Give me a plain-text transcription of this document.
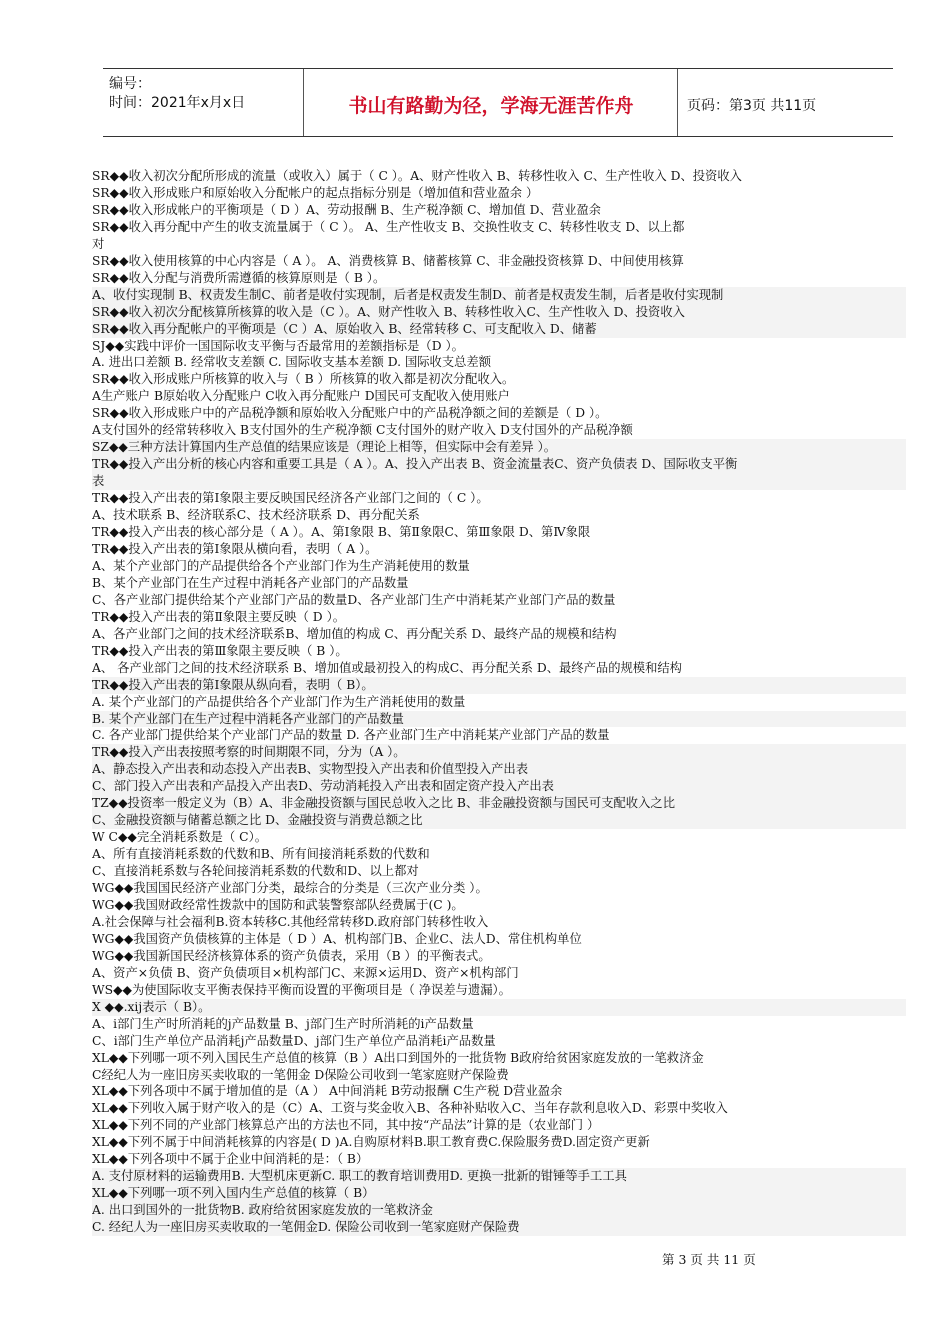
编号：
时间：2021年x月x日	书山有路勤为径，学海无涯苦作舟	页码：第3页 共11页
SR◆◆收入初次分配所形成的流量（或收入）属于（ C ）。A、财产性收入 B、转移性收入 C、生产性收入 D、投资收入
SR◆◆收入形成账户和原始收入分配帐户的起点指标分别是（增加值和营业盈余 ）
SR◆◆收入形成帐户的平衡项是（ D ）A、劳动报酬 B、生产税净额 C、增加值 D、营业盈余
SR◆◆收入再分配中产生的收支流量属于（ C ）。 A、生产性收支 B、交换性收支 C、转移性收支 D、以上都
对
SR◆◆收入使用核算的中心内容是（ A ）。 A、消费核算 B、储蓄核算 C、非金融投资核算 D、中间使用核算
SR◆◆收入分配与消费所需遵循的核算原则是（ B ）。
A、收付实现制 B、权责发生制C、前者是收付实现制，后者是权责发生制D、前者是权责发生制，后者是收付实现制
SR◆◆收入初次分配核算所核算的收入是（C ）。A、财产性收入 B、转移性收入C、生产性收入 D、投资收入
SR◆◆收入再分配帐户的平衡项是（C ）A、原始收入 B、经常转移 C、可支配收入 D、储蓄
SJ◆◆实践中评价一国国际收支平衡与否最常用的差额指标是（D ）。
A. 进出口差额 B. 经常收支差额 C. 国际收支基本差额 D. 国际收支总差额
SR◆◆收入形成账户所核算的收入与（ B ）所核算的收入都是初次分配收入。
A生产账户 B原始收入分配账户 C收入再分配账户 D国民可支配收入使用账户
SR◆◆收入形成账户中的产品税净额和原始收入分配账户中的产品税净额之间的差额是（ D ）。
A支付国外的经常转移收入 B支付国外的生产税净额 C支付国外的财产收入 D支付国外的产品税净额
SZ◆◆三种方法计算国内生产总值的结果应该是（理论上相等，但实际中会有差异 ）。
TR◆◆投入产出分析的核心内容和重要工具是（ A ）。A、投入产出表 B、资金流量表C、资产负债表 D、国际收支平衡
表
TR◆◆投入产出表的第Ⅰ象限主要反映国民经济各产业部门之间的（ C ）。
A、技术联系 B、经济联系C、技术经济联系 D、再分配关系
TR◆◆投入产出表的核心部分是（ A ）。A、第Ⅰ象限 B、第Ⅱ象限C、第Ⅲ象限 D、第Ⅳ象限
TR◆◆投入产出表的第Ⅰ象限从横向看，表明（ A ）。
A、某个产业部门的产品提供给各个产业部门作为生产消耗使用的数量
B、某个产业部门在生产过程中消耗各产业部门的产品数量
C、各产业部门提供给某个产业部门产品的数量D、各产业部门生产中消耗某产业部门产品的数量
TR◆◆投入产出表的第Ⅱ象限主要反映（ D ）。
A、各产业部门之间的技术经济联系B、增加值的构成 C、再分配关系 D、最终产品的规模和结构
TR◆◆投入产出表的第Ⅲ象限主要反映（ B ）。
A、 各产业部门之间的技术经济联系 B、增加值或最初投入的构成C、再分配关系 D、最终产品的规模和结构
TR◆◆投入产出表的第Ⅰ象限从纵向看，表明（ B）。
A. 某个产业部门的产品提供给各个产业部门作为生产消耗使用的数量
B. 某个产业部门在生产过程中消耗各产业部门的产品数量
C. 各产业部门提供给某个产业部门产品的数量 D. 各产业部门生产中消耗某产业部门产品的数量
TR◆◆投入产出表按照考察的时间期限不同，分为（A ）。
A、静态投入产出表和动态投入产出表B、实物型投入产出表和价值型投入产出表
C、部门投入产出表和产品投入产出表D、劳动消耗投入产出表和固定资产投入产出表
TZ◆◆投资率一般定义为（B）A、非金融投资额与国民总收入之比 B、非金融投资额与国民可支配收入之比
C、金融投资额与储蓄总额之比 D、金融投资与消费总额之比
W C◆◆完全消耗系数是（ C）。
A、所有直接消耗系数的代数和B、所有间接消耗系数的代数和
C、直接消耗系数与各轮间接消耗系数的代数和D、以上都对
WG◆◆我国国民经济产业部门分类，最综合的分类是（三次产业分类 ）。
WG◆◆我国财政经常性拨款中的国防和武装警察部队经费属于(C )。
A.社会保障与社会福利B.资本转移C.其他经常转移D.政府部门转移性收入
WG◆◆我国资产负债核算的主体是（ D ）A、机构部门B、企业C、法人D、常住机构单位
WG◆◆我国新国民经济核算体系的资产负债表，采用（B ）的平衡表式。
A、资产×负债 B、资产负债项目×机构部门C、来源×运用D、资产×机构部门
WS◆◆为使国际收支平衡表保持平衡而设置的平衡项目是（ 净误差与遗漏）。
X ◆◆.xij表示（ B）。
A、i部门生产时所消耗的j产品数量 B、j部门生产时所消耗的i产品数量
C、i部门生产单位产品消耗j产品数量D、j部门生产单位产品消耗i产品数量
XL◆◆下列哪一项不列入国民生产总值的核算（B ）A出口到国外的一批货物 B政府给贫困家庭发放的一笔救济金
C经纪人为一座旧房买卖收取的一笔佣金 D保险公司收到一笔家庭财产保险费
XL◆◆下列各项中不属于增加值的是（A ） A中间消耗 B劳动报酬 C生产税 D营业盈余
XL◆◆下列收入属于财产收入的是（C）A、工资与奖金收入B、各种补贴收入C、当年存款利息收入D、彩票中奖收入
XL◆◆下列不同的产业部门核算总产出的方法也不同，其中按“产品法”计算的是（农业部门 ）
XL◆◆下列不属于中间消耗核算的内容是( D )A.自购原材料B.职工教育费C.保险服务费D.固定资产更新
XL◆◆下列各项中不属于企业中间消耗的是：（ B）
A. 支付原材料的运输费用B. 大型机床更新C. 职工的教育培训费用D. 更换一批新的钳锤等手工工具
XL◆◆下列哪一项不列入国内生产总值的核算（ B）
A. 出口到国外的一批货物B. 政府给贫困家庭发放的一笔救济金
C. 经纪人为一座旧房买卖收取的一笔佣金D. 保险公司收到一笔家庭财产保险费
第 3 页 共 11 页
